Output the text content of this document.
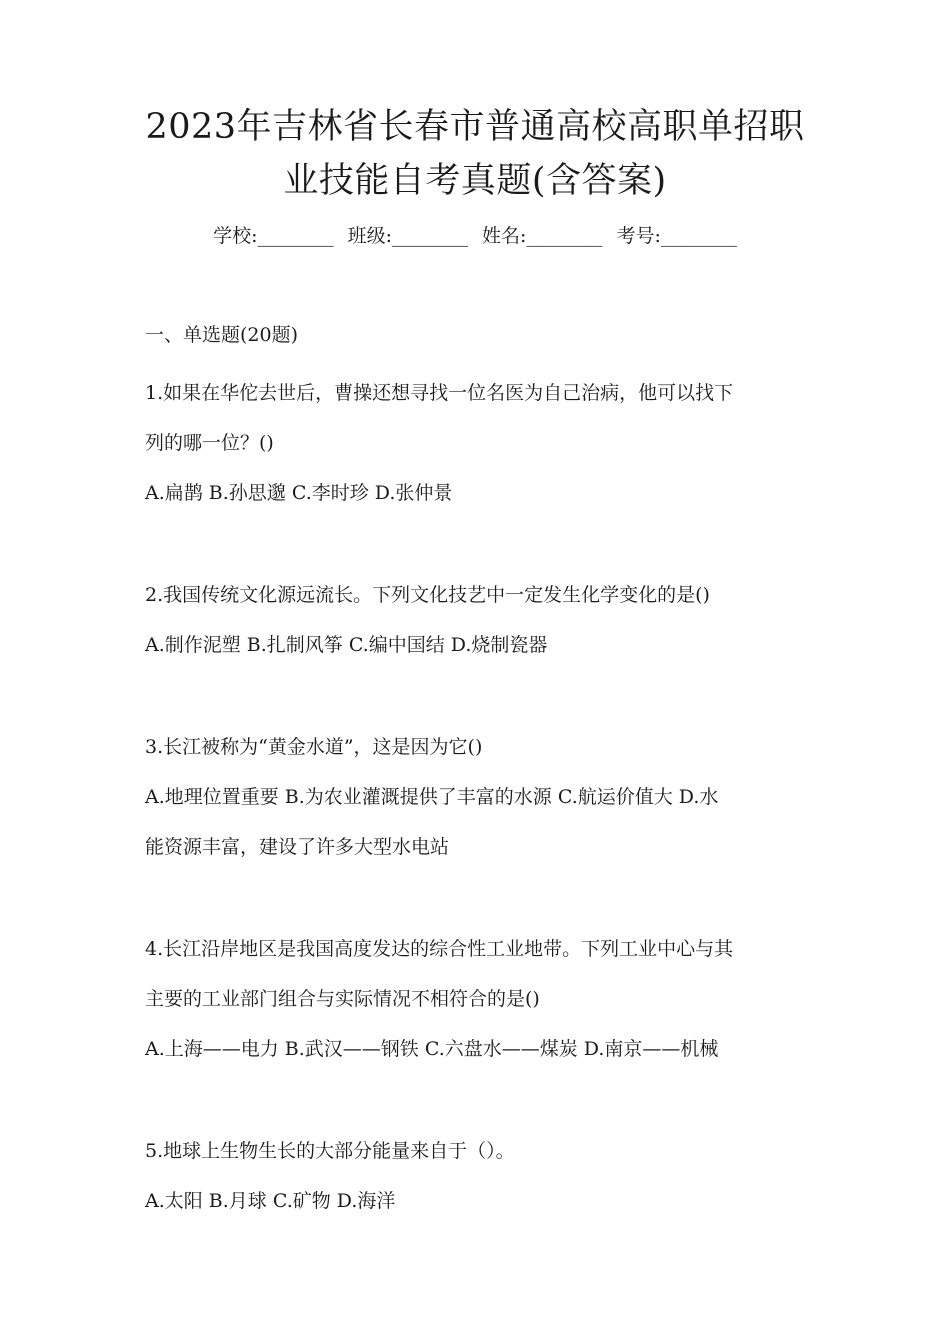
2023年吉林省长春市普通高校高职单招职
业技能自考真题(含答案)
学校:________ 班级:________ 姓名:________ 考号:________
一、单选题(20题)

1.如果在华佗去世后，曹操还想寻找一位名医为自己治病，他可以找下

列的哪一位？()

A.扁鹊 B.孙思邈 C.李时珍 D.张仲景

2.我国传统文化源远流长。下列文化技艺中一定发生化学变化的是()

A.制作泥塑 B.扎制风筝 C.编中国结 D.烧制瓷器

3.长江被称为“黄金水道”，这是因为它()

A.地理位置重要 B.为农业灌溉提供了丰富的水源 C.航运价值大 D.水

能资源丰富，建设了许多大型水电站

4.长江沿岸地区是我国高度发达的综合性工业地带。下列工业中心与其

主要的工业部门组合与实际情况不相符合的是()

A.上海——电力 B.武汉——钢铁 C.六盘水——煤炭 D.南京——机械

5.地球上生物生长的大部分能量来自于（）。

A.太阳 B.月球 C.矿物 D.海洋
